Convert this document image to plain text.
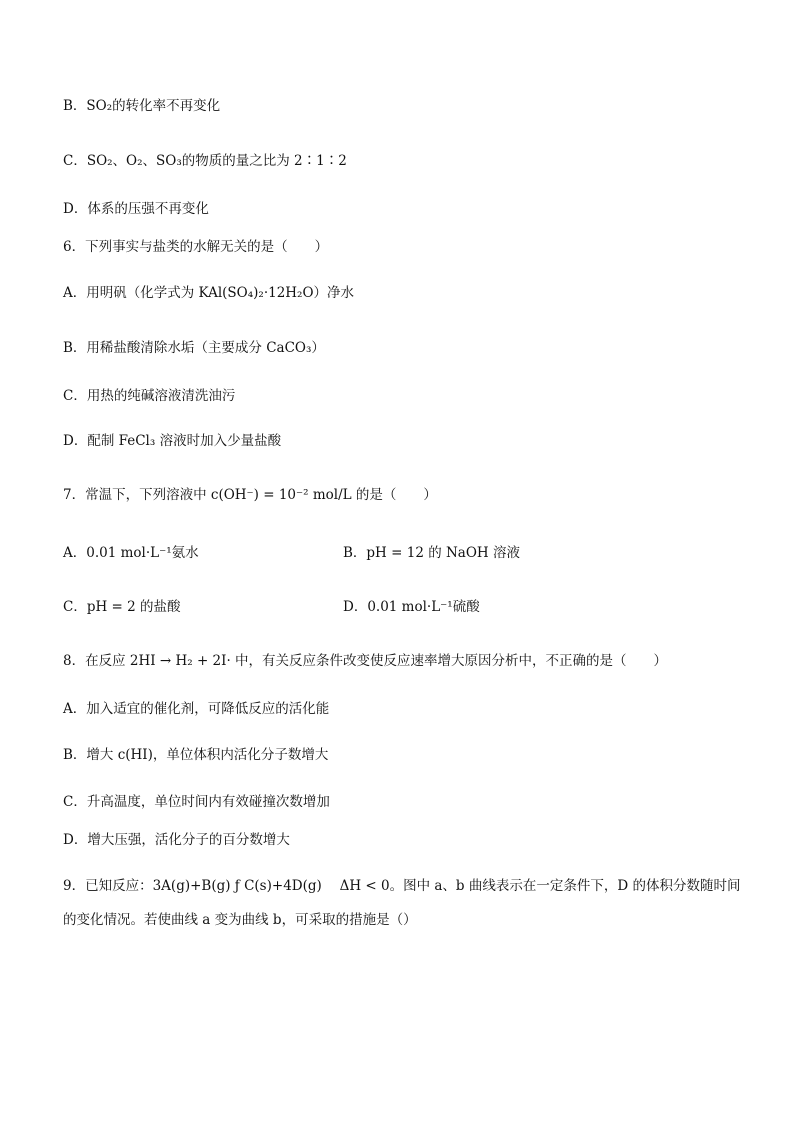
B．SO₂的转化率不再变化
C．SO₂、O₂、SO₃的物质的量之比为 2∶1∶2
D．体系的压强不再变化
6．下列事实与盐类的水解无关的是（　　）
A．用明矾（化学式为 KAl(SO₄)₂·12H₂O）净水
B．用稀盐酸清除水垢（主要成分 CaCO₃）
C．用热的纯碱溶液清洗油污
D．配制 FeCl₃ 溶液时加入少量盐酸
7．常温下，下列溶液中 c(OH⁻) = 10⁻² mol/L 的是（　　）
A．0.01 mol·L⁻¹氨水	B．pH = 12 的 NaOH 溶液
C．pH = 2 的盐酸	D．0.01 mol·L⁻¹硫酸
8．在反应 2HI → H₂ + 2I· 中，有关反应条件改变使反应速率增大原因分析中，不正确的是（　　）
A．加入适宜的催化剂，可降低反应的活化能
B．增大 c(HI)，单位体积内活化分子数增大
C．升高温度，单位时间内有效碰撞次数增加
D．增大压强，活化分子的百分数增大
9．已知反应：3A(g)+B(g) ƒ C(s)+4D(g)　 ΔH < 0。图中 a、b 曲线表示在一定条件下，D 的体积分数随时间的变化情况。若使曲线 a 变为曲线 b，可采取的措施是（）
